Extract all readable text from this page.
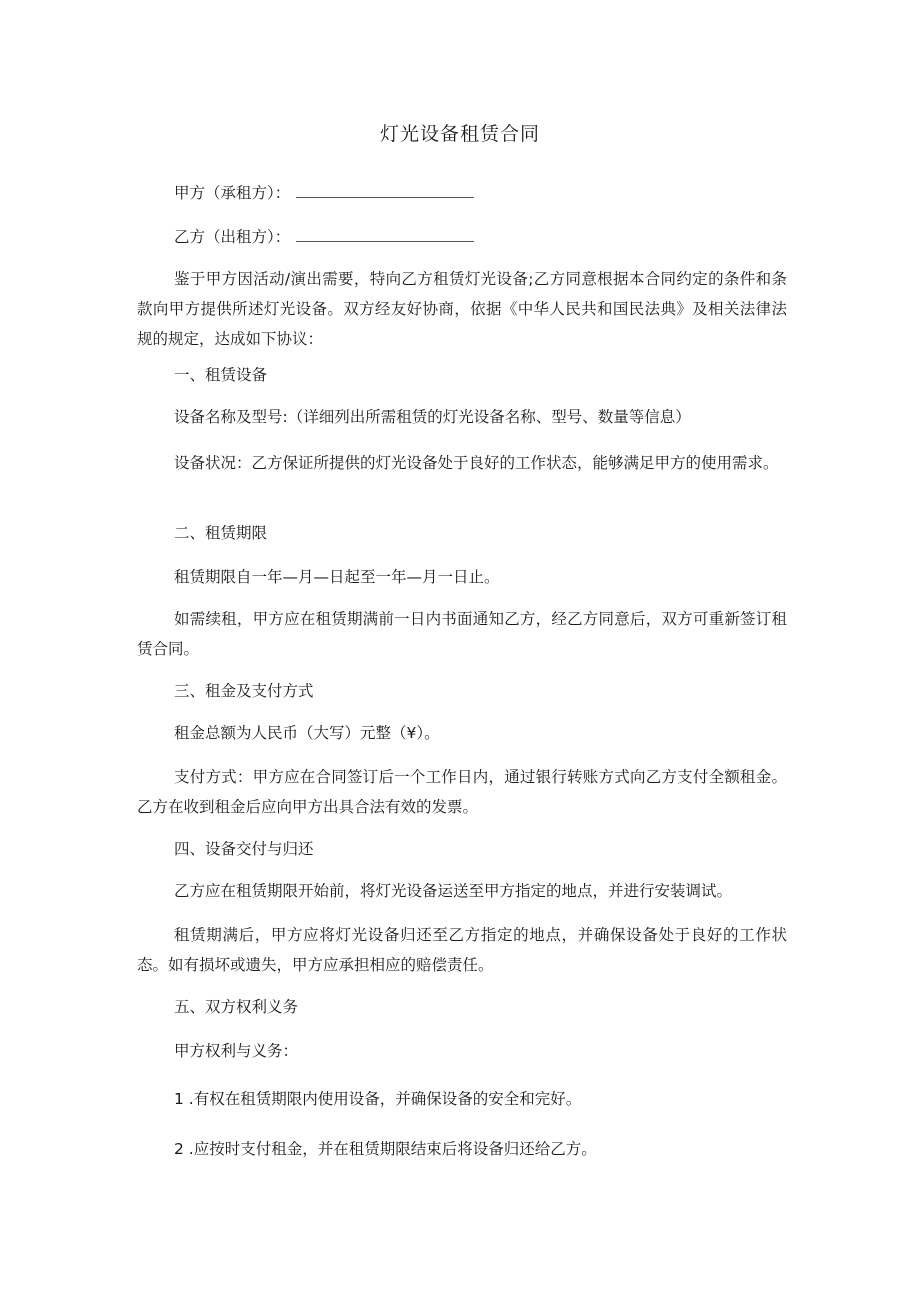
灯光设备租赁合同
甲方（承租方）：
乙方（出租方）：
鉴于甲方因活动/演出需要，特向乙方租赁灯光设备;乙方同意根据本合同约定的条件和条款向甲方提供所述灯光设备。双方经友好协商，依据《中华人民共和国民法典》及相关法律法规的规定，达成如下协议：
一、租赁设备
设备名称及型号:（详细列出所需租赁的灯光设备名称、型号、数量等信息）
设备状况：乙方保证所提供的灯光设备处于良好的工作状态，能够满足甲方的使用需求。
二、租赁期限
租赁期限自一年—月—日起至一年—月一日止。
如需续租，甲方应在租赁期满前一日内书面通知乙方，经乙方同意后，双方可重新签订租赁合同。
三、租金及支付方式
租金总额为人民币（大写）元整（¥）。
支付方式：甲方应在合同签订后一个工作日内，通过银行转账方式向乙方支付全额租金。乙方在收到租金后应向甲方出具合法有效的发票。
四、设备交付与归还
乙方应在租赁期限开始前，将灯光设备运送至甲方指定的地点，并进行安装调试。
租赁期满后，甲方应将灯光设备归还至乙方指定的地点，并确保设备处于良好的工作状态。如有损坏或遗失，甲方应承担相应的赔偿责任。
五、双方权利义务
甲方权利与义务：
1 .有权在租赁期限内使用设备，并确保设备的安全和完好。
2 .应按时支付租金，并在租赁期限结束后将设备归还给乙方。
